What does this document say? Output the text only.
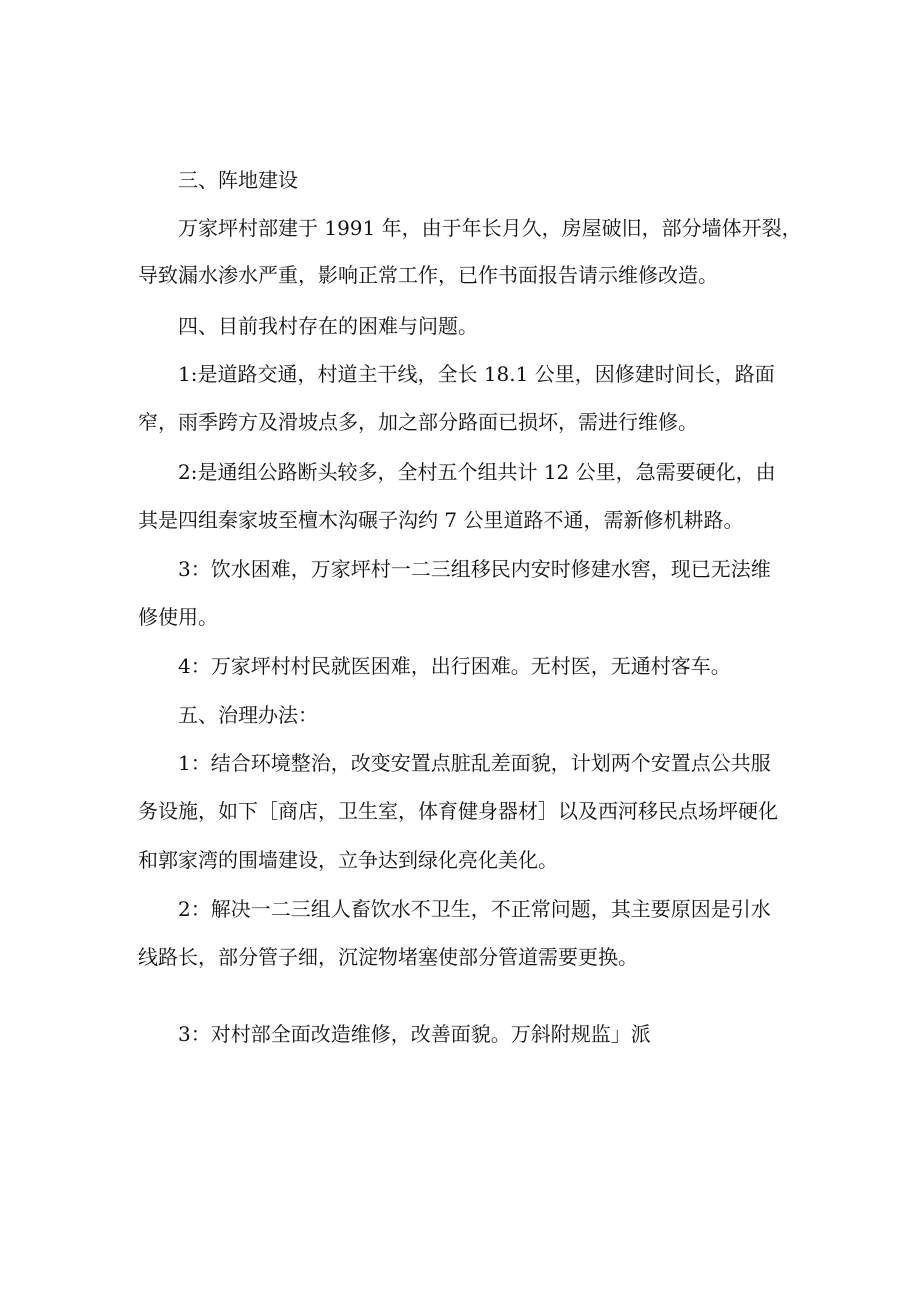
三、阵地建设
万家坪村部建于 1991 年，由于年长月久，房屋破旧，部分墙体开裂，
导致漏水渗水严重，影响正常工作，已作书面报告请示维修改造。
四、目前我村存在的困难与问题。
1:是道路交通，村道主干线，全长 18.1 公里，因修建时间长，路面
窄，雨季跨方及滑坡点多，加之部分路面已损坏，需进行维修。
2:是通组公路断头较多，全村五个组共计 12 公里，急需要硬化，由
其是四组秦家坡至檀木沟碾子沟约 7 公里道路不通，需新修机耕路。
3：饮水困难，万家坪村一二三组移民内安时修建水窖，现已无法维
修使用。
4：万家坪村村民就医困难，出行困难。无村医，无通村客车。
五、治理办法：
1：结合环境整治，改变安置点脏乱差面貌，计划两个安置点公共服
务设施，如下［商店，卫生室，体育健身器材］以及西河移民点场坪硬化
和郭家湾的围墙建设，立争达到绿化亮化美化。
2：解决一二三组人畜饮水不卫生，不正常问题，其主要原因是引水
线路长，部分管子细，沉淀物堵塞使部分管道需要更换。
3：对村部全面改造维修，改善面貌。万斜附规监」派
